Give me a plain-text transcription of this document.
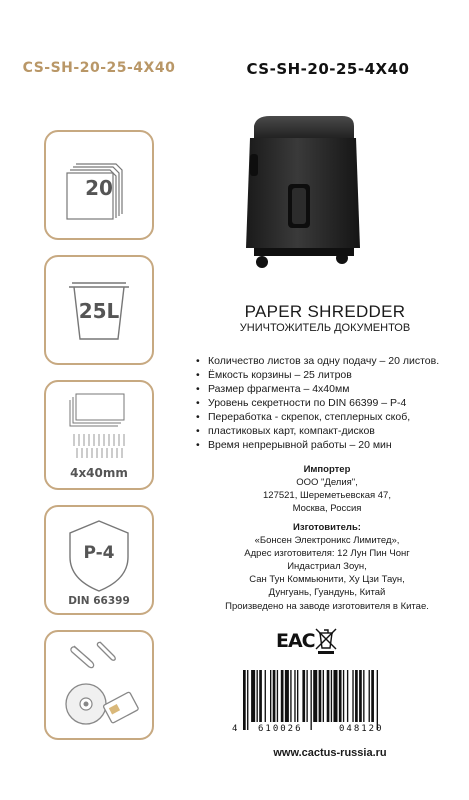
CS-SH-20-25-4X40	CS-SH-20-25-4X40
20
25L
4x40mm
P-4
DIN 66399
PAPER SHREDDER
УНИЧТОЖИТЕЛЬ ДОКУМЕНТОВ
• Количество листов за одну подачу – 20 листов.
• Ёмкость корзины – 25 литров
• Размер фрагмента – 4х40мм
• Уровень секретности по DIN 66399 – Р-4
• Переработка - скрепок, степлерных скоб,
• пластиковых карт, компакт-дисков
• Время непрерывной работы – 20 мин
Импортер
ООО "Делия",
127521, Шереметьевская 47,
Москва, Россия
Изготовитель:
«Бонсен Электроникс Лимитед»,
Адрес изготовителя: 12 Лун Пин Чонг
Индастриал Зоун,
Сан Тун Коммьюнити, Ху Цзи Таун,
Дунгуань, Гуандунь, Китай
Произведено на заводе изготовителя в Китае.
EAC
4 610026	048120
www.cactus-russia.ru
